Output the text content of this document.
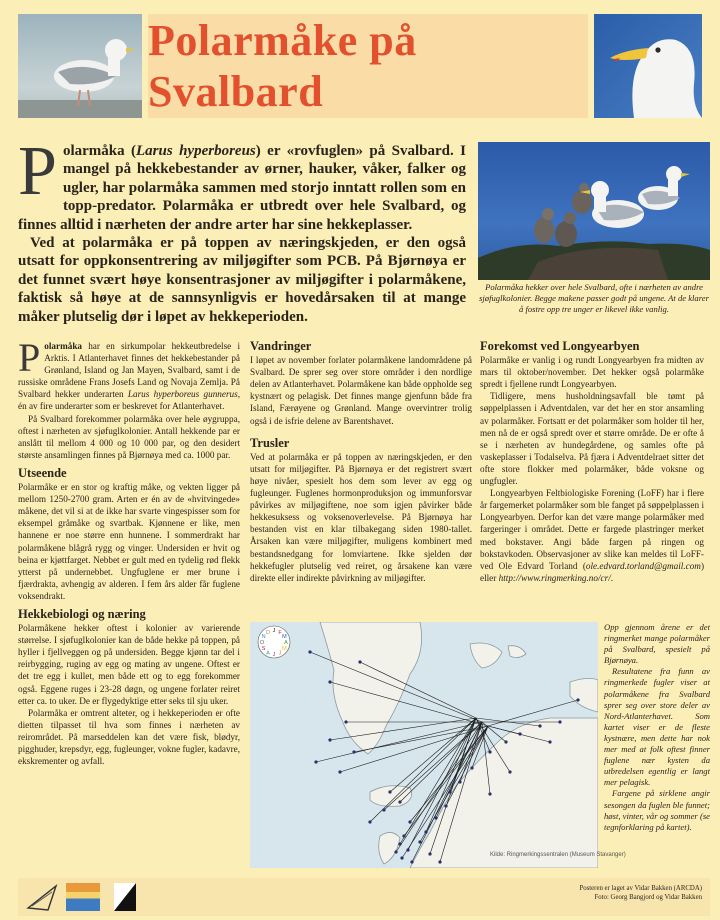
Polarmåke på Svalbard

Polarmåka (Larus hyperboreus) er «rovfuglen» på Svalbard. I mangel på hekkebestander av ørner, hauker, våker, falker og ugler, har polarmåka sammen med storjo inntatt rollen som en topp-predator. Polarmåka er utbredt over hele Svalbard, og finnes alltid i nærheten der andre arter har sine hekkeplasser.

Ved at polarmåka er på toppen av næringskjeden, er den også utsatt for oppkonsentrering av miljøgifter som PCB. På Bjørnøya er det funnet svært høye konsentrasjoner av miljøgifter i polarmåkene, faktisk så høye at de sannsynligvis er hovedårsaken til at mange måker plutselig dør i løpet av hekkeperioden.

Polarmåka hekker over hele Svalbard, ofte i nærheten av andre sjøfuglkolonier. Begge makene passer godt på ungene. At de klarer å fostre opp tre unger er likevel ikke vanlig.

Polarmåka har en sirkumpolar hekkeutbredelse i Arktis. I Atlanterhavet finnes det hekkebestander på Grønland, Island og Jan Mayen, Svalbard, samt i de russiske områdene Frans Josefs Land og Novaja Zemlja. På Svalbard hekker underarten Larus hyperboreus gunnerus, én av fire underarter som er beskrevet for Atlanterhavet.

På Svalbard forekommer polarmåka over hele øygruppa, oftest i nærheten av sjøfuglkolonier. Antall hekkende par er anslått til mellom 4 000 og 10 000 par, og den desidert største ansamlingen finnes på Bjørnøya med ca. 1000 par.

Utseende

Polarmåke er en stor og kraftig måke, og vekten ligger på mellom 1250-2700 gram. Arten er én av de «hvitvingede» måkene, det vil si at de ikke har svarte vingespisser som for eksempel gråmåke og svartbak. Kjønnene er like, men hannene er noe større enn hunnene. I sommerdrakt har polarmåkene blågrå rygg og vinger. Undersiden er hvit og beina er kjøttfarget. Nebbet er gult med en tydelig rød flekk ytterst på undernebbet. Ungfuglene er mer brune i fjærdrakta, avhengig av alderen. I fem års alder får fuglene voksendrakt.

Hekkebiologi og næring

Polarmåkene hekker oftest i kolonier av varierende størrelse. I sjøfuglkolonier kan de både hekke på toppen, på hyller i fjellveggen og på undersiden. Begge kjønn tar del i reirbygging, ruging av egg og mating av ungene. Oftest er det tre egg i kullet, men både ett og to egg forekommer også. Eggene ruges i 23-28 døgn, og ungene forlater reiret etter ca. to uker. De er flygedyktige etter seks til sju uker.

Polarmåka er omtrent alteter, og i hekkeperioden er ofte dietten tilpasset til hva som finnes i nærheten av reirområdet. På marseddelen kan det være fisk, blødyr, pigghuder, krepsdyr, egg, fugleunger, vokne fugler, kadavre, ekskrementer og avfall.

Vandringer

I løpet av november forlater polarmåkene landområdene på Svalbard. De sprer seg over store områder i den nordlige delen av Atlanterhavet. Polarmåkene kan både oppholde seg kystnært og pelagisk. Det finnes mange gjenfunn både fra Island, Færøyene og Grønland. Mange overvintrer trolig også i de isfrie delene av Barentshavet.

Trusler

Ved at polarmåka er på toppen av næringskjeden, er den utsatt for miljøgifter. På Bjørnøya er det registrert svært høye nivåer, spesielt hos dem som lever av egg og fugleunger. Fuglenes hormonproduksjon og immunforsvar påvirkes av miljøgiftene, noe som igjen påvirker både hekkesuksess og voksenoverlevelse. På Bjørnøya har bestanden vist en klar tilbakegang siden 1980-tallet. Årsaken kan være miljøgifter, muligens kombinert med bestandsnedgang for lomviartene. Ikke sjelden dør hekkefugler plutselig ved reiret, og årsakene kan være direkte eller indirekte påvirkning av miljøgifter.

Forekomst ved Longyearbyen

Polarmåke er vanlig i og rundt Longyearbyen fra midten av mars til oktober/november. Det hekker også polarmåke spredt i fjellene rundt Longyearbyen.

Tidligere, mens husholdningsavfall ble tømt på søppelplassen i Adventdalen, var det her en stor ansamling av polarmåker. Fortsatt er det polarmåker som holder til her, men nå de er også spredt over et større område. De er ofte å se i nærheten av hundegårdene, og samles ofte på vaskeplasser i Todalselva. På fjæra i Adventdelraet sitter det ofte store flokker med polarmåker, både voksne og ungfugler.

Longyearbyen Feltbiologiske Forening (LoFF) har i flere år fargemerket polarmåker som ble fanget på søppelplassen i Longyearbyen. Derfor kan det være mange polarmåker med fargeringer i området. Dette er fargede plastringer merket med bokstaver. Angi både fargen på ringen og bokstavkoden. Observasjoner av slike kan meldes til LoFF- ved Ole Edvard Torland (ole.edvard.torland@gmail.com) eller http://www.ringmerking.no/cr/.

J F
M
A
M
J
J
A
S
O
N
D
Kilde: Ringmerkingssentralen (Museum Stavanger)

Opp gjennom årene er det ringmerket mange polarmåker på Svalbard, spesielt på Bjørnøya.

Resultatene fra funn av ringmerkede fugler viser at polarmåkene fra Svalbard sprer seg over store deler av Nord-Atlanterhavet. Som kartet viser er de fleste kystnære, men dette har nok mer med at folk oftest finner fuglene nær kysten da utbredelsen egentlig er langt mer pelagisk.

Fargene på sirklene angir sesongen da fuglen ble funnet; høst, vinter, vår og sommer (se tegnforklaring på kartet).

Posteren er laget av Vidar Bakken (ARCDA)
Foto: Georg Bangjord og Vidar Bakken
